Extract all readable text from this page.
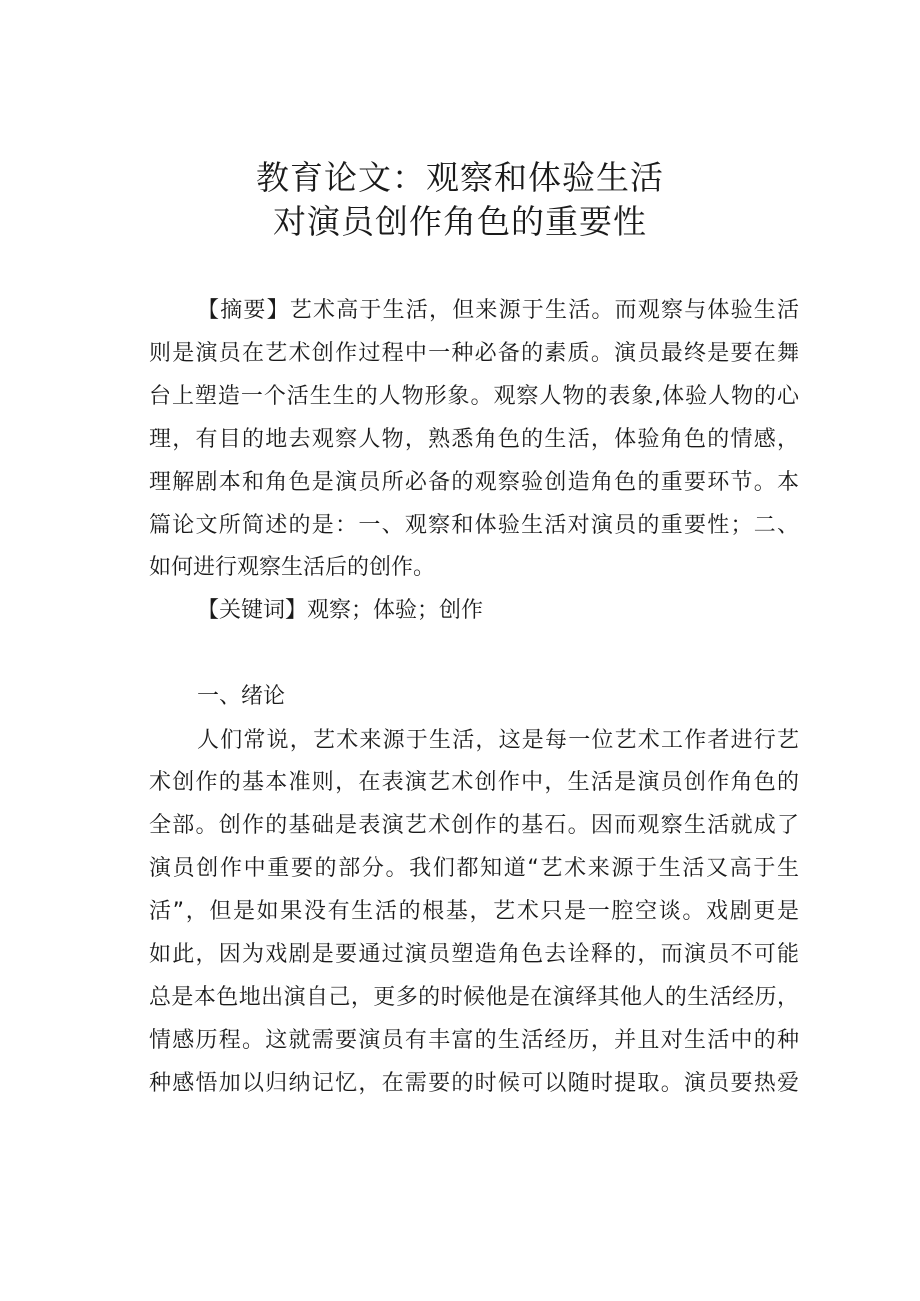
教育论文：观察和体验生活
对演员创作角色的重要性

【摘要】艺术高于生活，但来源于生活。而观察与体验生活

则是演员在艺术创作过程中一种必备的素质。演员最终是要在舞

台上塑造一个活生生的人物形象。观察人物的表象,体验人物的心

理，有目的地去观察人物，熟悉角色的生活，体验角色的情感，

理解剧本和角色是演员所必备的观察验创造角色的重要环节。本

篇论文所简述的是：一、观察和体验生活对演员的重要性；二、

如何进行观察生活后的创作。

【关键词】观察；体验；创作

一、绪论

人们常说，艺术来源于生活，这是每一位艺术工作者进行艺

术创作的基本准则，在表演艺术创作中，生活是演员创作角色的

全部。创作的基础是表演艺术创作的基石。因而观察生活就成了

演员创作中重要的部分。我们都知道“艺术来源于生活又高于生

活”，但是如果没有生活的根基，艺术只是一腔空谈。戏剧更是

如此，因为戏剧是要通过演员塑造角色去诠释的，而演员不可能

总是本色地出演自己，更多的时候他是在演绎其他人的生活经历，

情感历程。这就需要演员有丰富的生活经历，并且对生活中的种

种感悟加以归纳记忆，在需要的时候可以随时提取。演员要热爱
